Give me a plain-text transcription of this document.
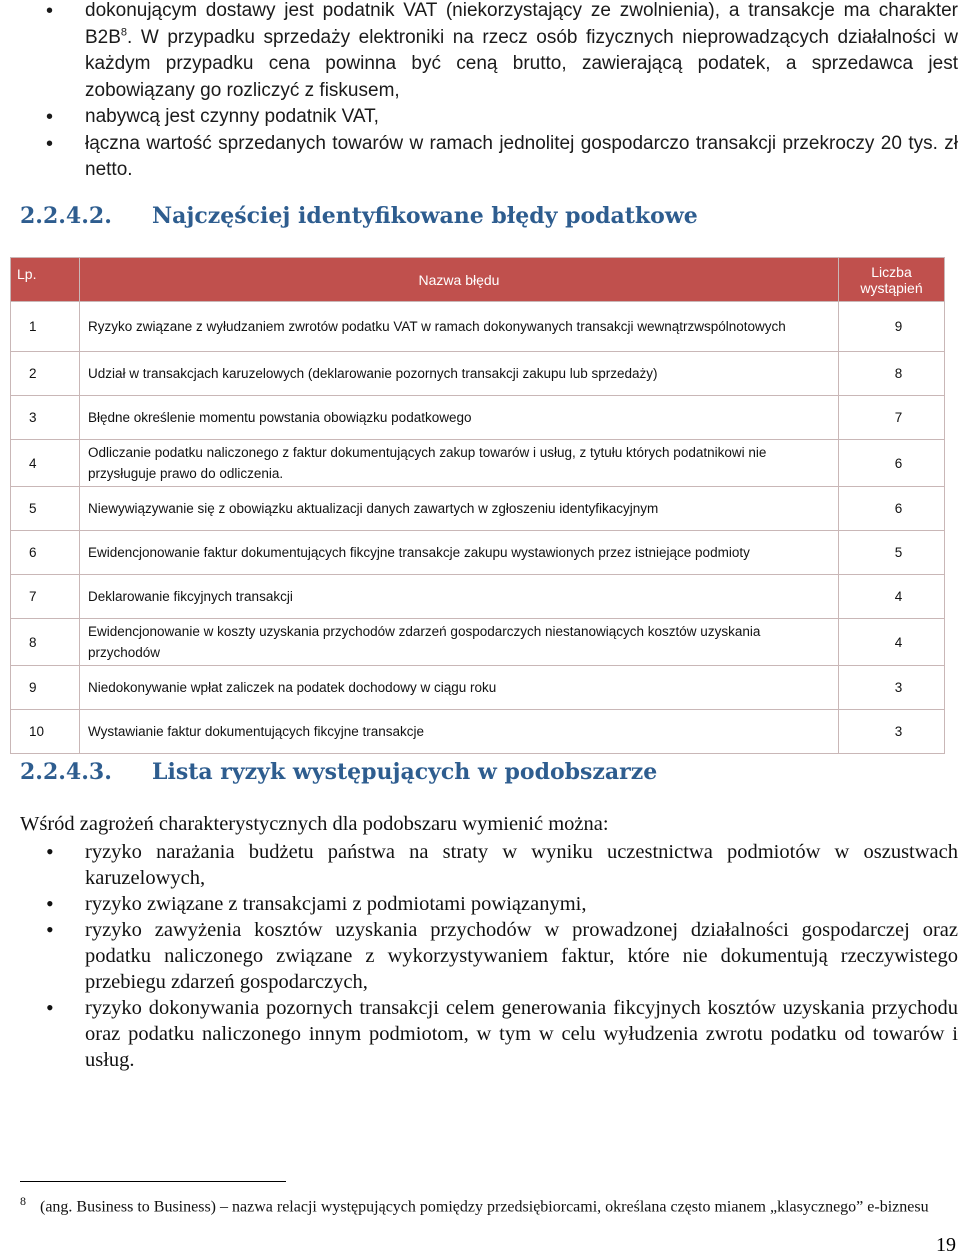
• dokonującym dostawy jest podatnik VAT (niekorzystający ze zwolnienia), a transakcje ma charakter $B2B^8$. W przypadku sprzedaży elektroniki na rzecz osób fizycznych nieprowadzących działalności w każdym przypadku cena powinna być ceną brutto, zawierającą podatek, a sprzedawca jest zobowiązany go rozliczyć z fiskusem,
• nabywcą jest czynny podatnik VAT,
• łączna wartość sprzedanych towarów w ramach jednolitej gospodarczo transakcji przekroczy 20 tys. zł netto.
2.2.4.2. Najczęściej identyfikowane błędy podatkowe
Lp.	Nazwa błędu	Liczba wystąpień
1	Ryzyko związane z wyłudzaniem zwrotów podatku VAT w ramach dokonywanych transakcji wewnątrzwspólnotowych	9
2	Udział w transakcjach karuzelowych (deklarowanie pozornych transakcji zakupu lub sprzedaży)	8
3	Błędne określenie momentu powstania obowiązku podatkowego	7
4	Odliczanie podatku naliczonego z faktur dokumentujących zakup towarów i usług, z tytułu których podatnikowi nie przysługuje prawo do odliczenia.	6
5	Niewywiązywanie się z obowiązku aktualizacji danych zawartych w zgłoszeniu identyfikacyjnym	6
6	Ewidencjonowanie faktur dokumentujących fikcyjne transakcje zakupu wystawionych przez istniejące podmioty	5
7	Deklarowanie fikcyjnych transakcji	4
8	Ewidencjonowanie w koszty uzyskania przychodów zdarzeń gospodarczych niestanowiących kosztów uzyskania przychodów	4
9	Niedokonywanie wpłat zaliczek na podatek dochodowy w ciągu roku	3
10	Wystawianie faktur dokumentujących fikcyjne transakcje	3
2.2.4.3. Lista ryzyk występujących w podobszarze
Wśród zagrożeń charakterystycznych dla podobszaru wymienić można:
• ryzyko narażania budżetu państwa na straty w wyniku uczestnictwa podmiotów w oszustwach karuzelowych,
• ryzyko związane z transakcjami z podmiotami powiązanymi,
• ryzyko zawyżenia kosztów uzyskania przychodów w prowadzonej działalności gospodarczej oraz podatku naliczonego związane z wykorzystywaniem faktur, które nie dokumentują rzeczywistego przebiegu zdarzeń gospodarczych,
• ryzyko dokonywania pozornych transakcji celem generowania fikcyjnych kosztów uzyskania przychodu oraz podatku naliczonego innym podmiotom, w tym w celu wyłudzenia zwrotu podatku od towarów i usług.
8 (ang. Business to Business) – nazwa relacji występujących pomiędzy przedsiębiorcami, określana często mianem „klasycznego” e-biznesu
19
